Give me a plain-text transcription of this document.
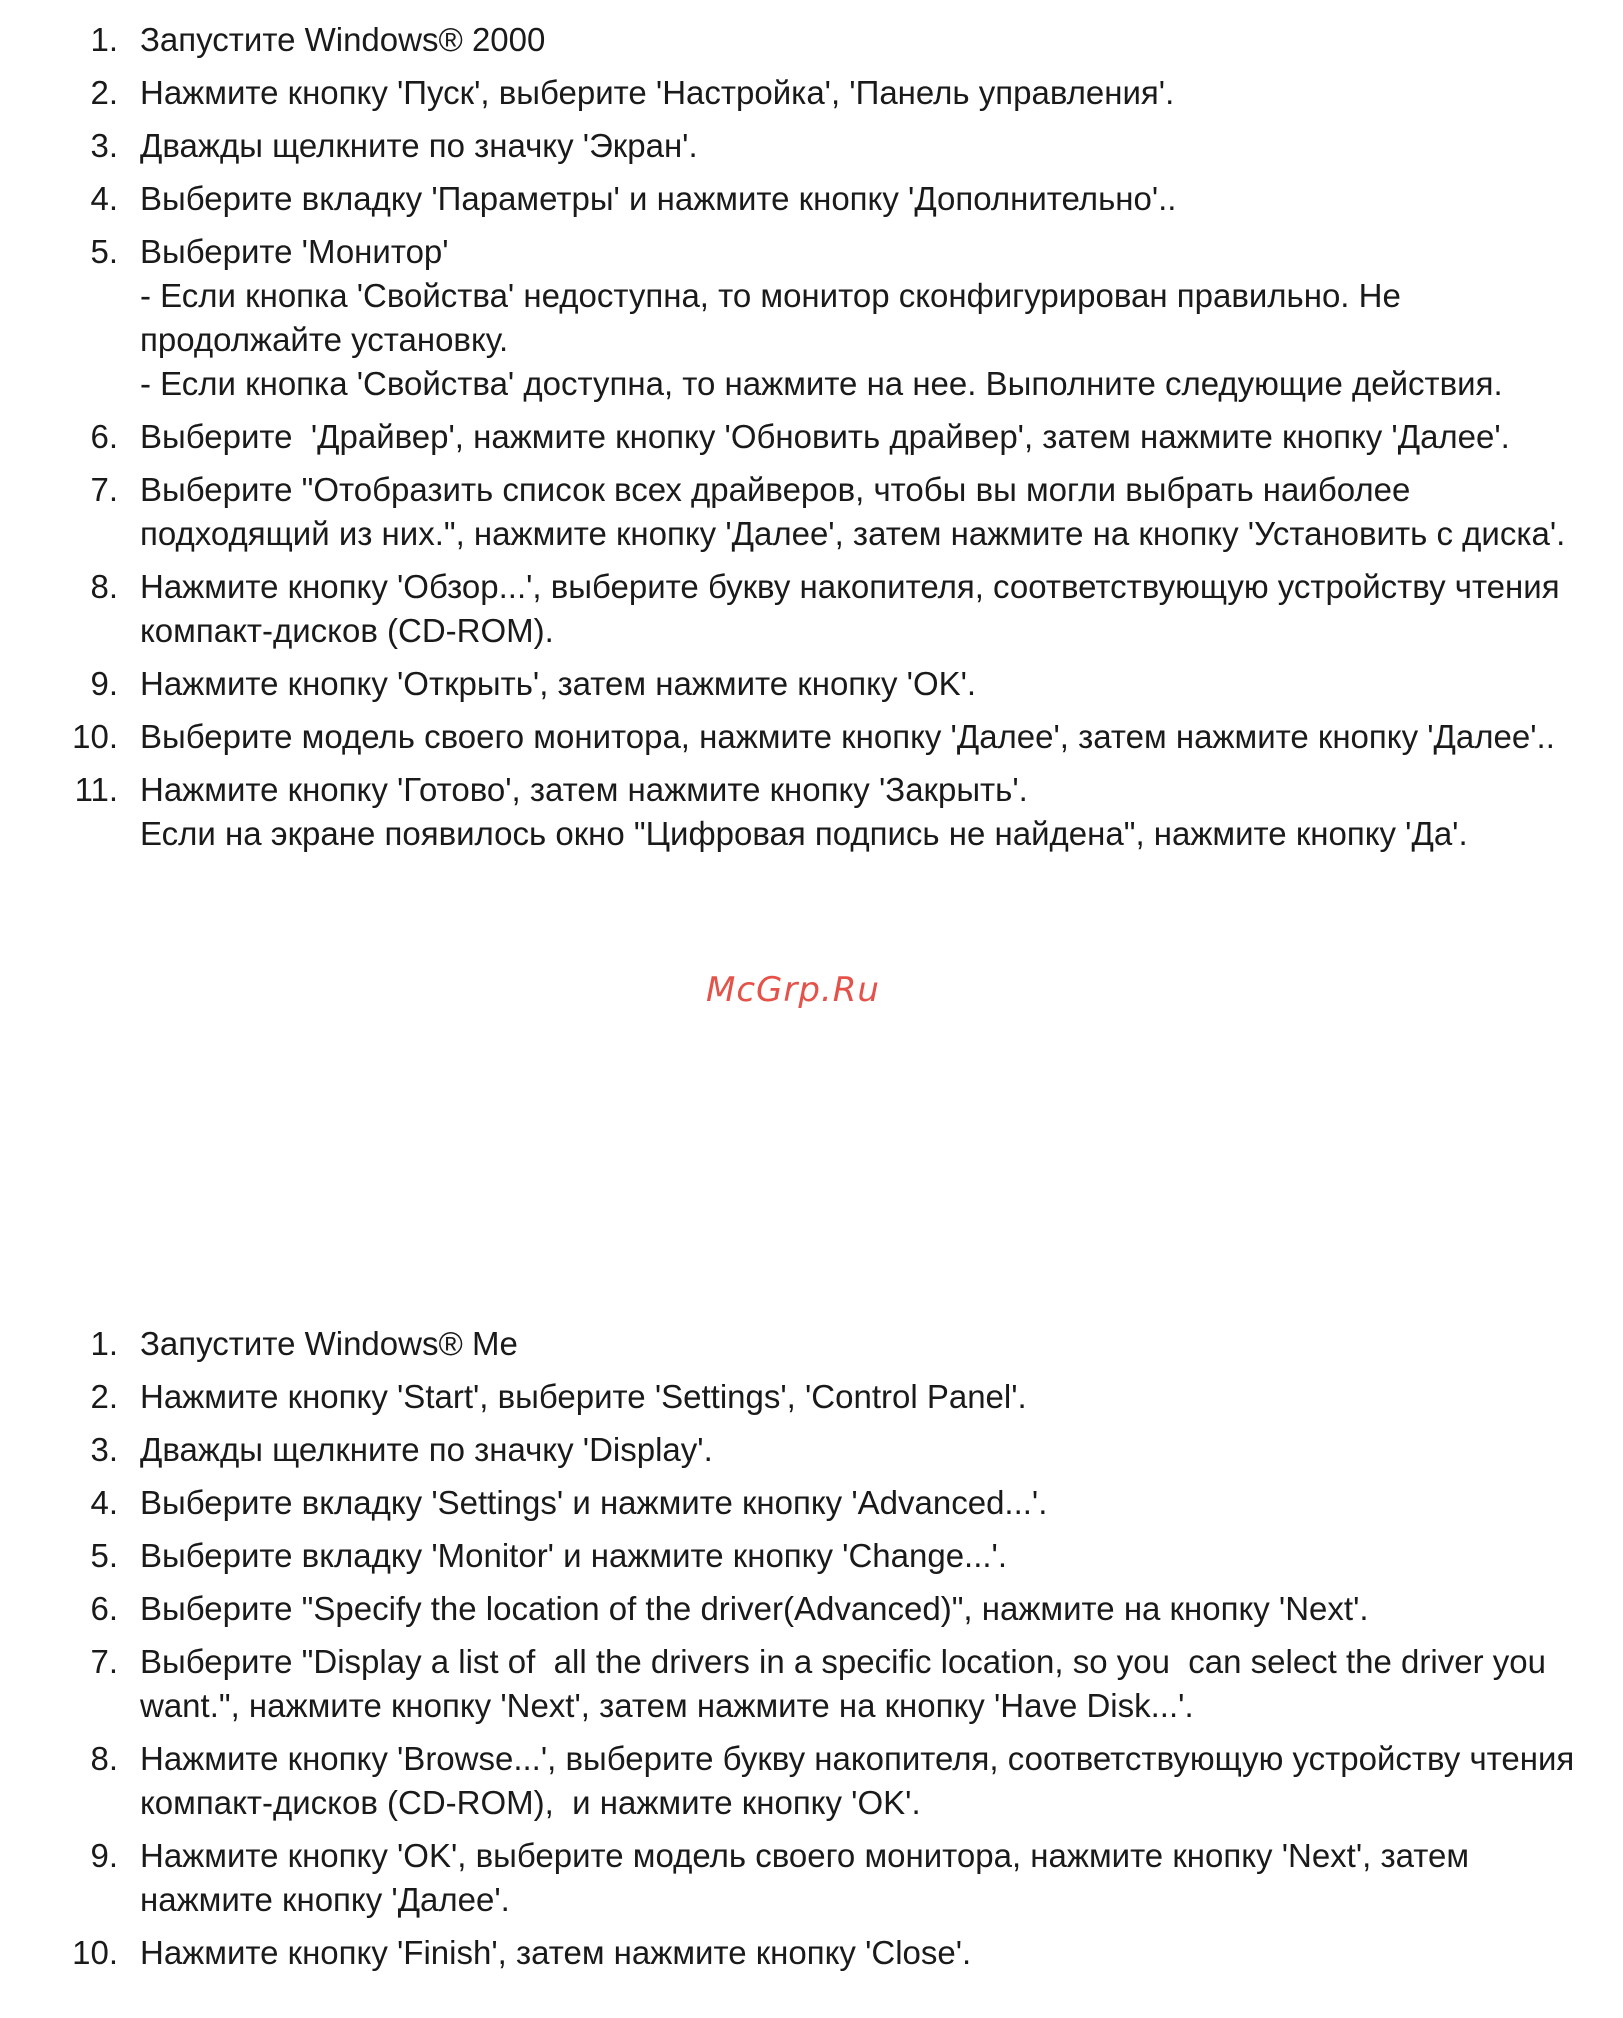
1. Запустите Windows® 2000
2. Нажмите кнопку 'Пуск', выберите 'Настройка', 'Панель управления'.
3. Дважды щелкните по значку 'Экран'.
4. Выберите вкладку 'Параметры' и нажмите кнопку 'Дополнительно'..
5. Выберите 'Монитор'
- Если кнопка 'Свойства' недоступна, то монитор сконфигурирован правильно. Не продолжайте установку.
- Если кнопка 'Свойства' доступна, то нажмите на нее. Выполните следующие действия.
6. Выберите  'Драйвер', нажмите кнопку 'Обновить драйвер', затем нажмите кнопку 'Далее'.
7. Выберите "Отобразить список всех драйверов, чтобы вы могли выбрать наиболее подходящий из них.", нажмите кнопку 'Далее', затем нажмите на кнопку 'Установить с диска'.
8. Нажмите кнопку 'Обзор...', выберите букву накопителя, соответствующую устройству чтения компакт-дисков (CD-ROM).
9. Нажмите кнопку 'Открыть', затем нажмите кнопку 'OK'.
10. Выберите модель своего монитора, нажмите кнопку 'Далее', затем нажмите кнопку 'Далее'..
11. Нажмите кнопку 'Готово', затем нажмите кнопку 'Закрыть'.
Если на экране появилось окно "Цифровая подпись не найдена", нажмите кнопку 'Да'.
McGrp.Ru
1. Запустите Windows® Me
2. Нажмите кнопку 'Start', выберите 'Settings', 'Control Panel'.
3. Дважды щелкните по значку 'Display'.
4. Выберите вкладку 'Settings' и нажмите кнопку 'Advanced...'.
5. Выберите вкладку 'Monitor' и нажмите кнопку 'Change...'.
6. Выберите "Specify the location of the driver(Advanced)", нажмите на кнопку 'Next'.
7. Выберите "Display a list of  all the drivers in a specific location, so you  can select the driver you want.", нажмите кнопку 'Next', затем нажмите на кнопку 'Have Disk...'.
8. Нажмите кнопку 'Browse...', выберите букву накопителя, соответствующую устройству чтения компакт-дисков (CD-ROM),  и нажмите кнопку 'OK'.
9. Нажмите кнопку 'OK', выберите модель своего монитора, нажмите кнопку 'Next', затем нажмите кнопку 'Далее'.
10. Нажмите кнопку 'Finish', затем нажмите кнопку 'Close'.
